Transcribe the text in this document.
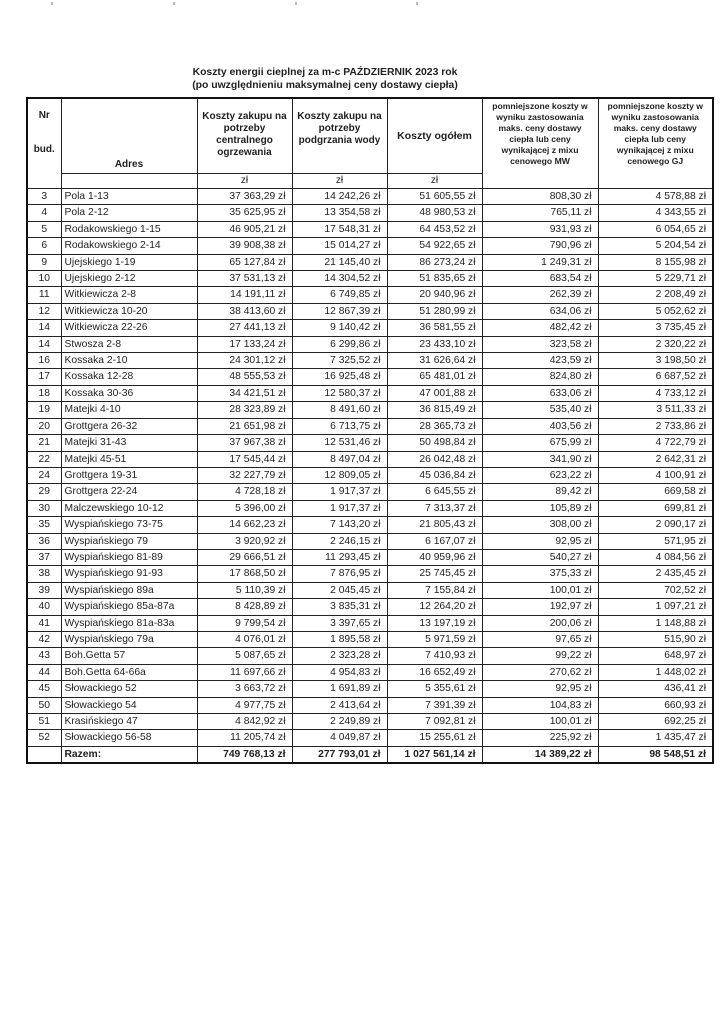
Koszty energii cieplnej za m-c PAŹDZIERNIK 2023 rok
(po uwzględnieniu maksymalnej ceny dostawy ciepła)
Nr
bud.	Adres	Koszty zakupu na potrzeby centralnego ogrzewania	Koszty zakupu na potrzeby podgrzania wody	Koszty ogółem	pomniejszone koszty w wyniku zastosowania maks. ceny dostawy ciepła lub ceny wynikającej z mixu cenowego MW	pomniejszone koszty w wyniku zastosowania maks. ceny dostawy ciepła lub ceny wynikającej z mixu cenowego GJ
		zł	zł	zł		
3	Pola 1-13	37 363,29 zł	14 242,26 zł	51 605,55 zł	808,30 zł	4 578,88 zł
4	Pola 2-12	35 625,95 zł	13 354,58 zł	48 980,53 zł	765,11 zł	4 343,55 zł
5	Rodakowskiego 1-15	46 905,21 zł	17 548,31 zł	64 453,52 zł	931,93 zł	6 054,65 zł
6	Rodakowskiego 2-14	39 908,38 zł	15 014,27 zł	54 922,65 zł	790,96 zł	5 204,54 zł
9	Ujejskiego 1-19	65 127,84 zł	21 145,40 zł	86 273,24 zł	1 249,31 zł	8 155,98 zł
10	Ujejskiego 2-12	37 531,13 zł	14 304,52 zł	51 835,65 zł	683,54 zł	5 229,71 zł
11	Witkiewicza 2-8	14 191,11 zł	6 749,85 zł	20 940,96 zł	262,39 zł	2 208,49 zł
12	Witkiewicza 10-20	38 413,60 zł	12 867,39 zł	51 280,99 zł	634,06 zł	5 052,62 zł
14	Witkiewicza 22-26	27 441,13 zł	9 140,42 zł	36 581,55 zł	482,42 zł	3 735,45 zł
14	Stwosza 2-8	17 133,24 zł	6 299,86 zł	23 433,10 zł	323,58 zł	2 320,22 zł
16	Kossaka 2-10	24 301,12 zł	7 325,52 zł	31 626,64 zł	423,59 zł	3 198,50 zł
17	Kossaka 12-28	48 555,53 zł	16 925,48 zł	65 481,01 zł	824,80 zł	6 687,52 zł
18	Kossaka 30-36	34 421,51 zł	12 580,37 zł	47 001,88 zł	633,06 zł	4 733,12 zł
19	Matejki 4-10	28 323,89 zł	8 491,60 zł	36 815,49 zł	535,40 zł	3 511,33 zł
20	Grottgera 26-32	21 651,98 zł	6 713,75 zł	28 365,73 zł	403,56 zł	2 733,86 zł
21	Matejki 31-43	37 967,38 zł	12 531,46 zł	50 498,84 zł	675,99 zł	4 722,79 zł
22	Matejki 45-51	17 545,44 zł	8 497,04 zł	26 042,48 zł	341,90 zł	2 642,31 zł
24	Grottgera 19-31	32 227,79 zł	12 809,05 zł	45 036,84 zł	623,22 zł	4 100,91 zł
29	Grottgera 22-24	4 728,18 zł	1 917,37 zł	6 645,55 zł	89,42 zł	669,58 zł
30	Malczewskiego 10-12	5 396,00 zł	1 917,37 zł	7 313,37 zł	105,89 zł	699,81 zł
35	Wyspiańskiego 73-75	14 662,23 zł	7 143,20 zł	21 805,43 zł	308,00 zł	2 090,17 zł
36	Wyspiańskiego 79	3 920,92 zł	2 246,15 zł	6 167,07 zł	92,95 zł	571,95 zł
37	Wyspiańskiego 81-89	29 666,51 zł	11 293,45 zł	40 959,96 zł	540,27 zł	4 084,56 zł
38	Wyspiańskiego 91-93	17 868,50 zł	7 876,95 zł	25 745,45 zł	375,33 zł	2 435,45 zł
39	Wyspiańskiego 89a	5 110,39 zł	2 045,45 zł	7 155,84 zł	100,01 zł	702,52 zł
40	Wyspiańskiego 85a-87a	8 428,89 zł	3 835,31 zł	12 264,20 zł	192,97 zł	1 097,21 zł
41	Wyspiańskiego 81a-83a	9 799,54 zł	3 397,65 zł	13 197,19 zł	200,06 zł	1 148,88 zł
42	Wyspiańskiego 79a	4 076,01 zł	1 895,58 zł	5 971,59 zł	97,65 zł	515,90 zł
43	Boh.Getta 57	5 087,65 zł	2 323,28 zł	7 410,93 zł	99,22 zł	648,97 zł
44	Boh.Getta 64-66a	11 697,66 zł	4 954,83 zł	16 652,49 zł	270,62 zł	1 448,02 zł
45	Słowackiego 52	3 663,72 zł	1 691,89 zł	5 355,61 zł	92,95 zł	436,41 zł
50	Słowackiego 54	4 977,75 zł	2 413,64 zł	7 391,39 zł	104,83 zł	660,93 zł
51	Krasińskiego 47	4 842,92 zł	2 249,89 zł	7 092,81 zł	100,01 zł	692,25 zł
52	Słowackiego 56-58	11 205,74 zł	4 049,87 zł	15 255,61 zł	225,92 zł	1 435,47 zł
	Razem:	749 768,13 zł	277 793,01 zł	1 027 561,14 zł	14 389,22 zł	98 548,51 zł
